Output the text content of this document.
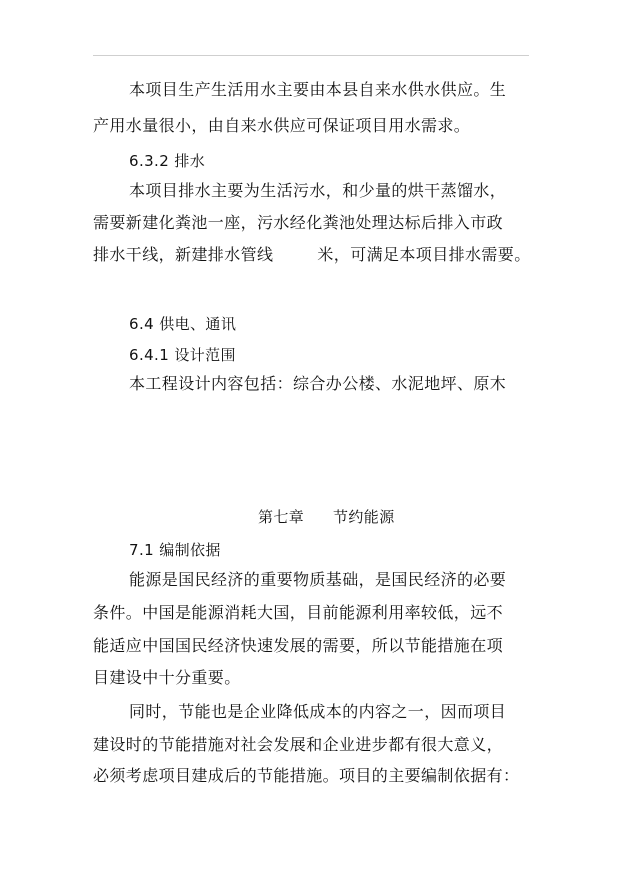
本项目生产生活用水主要由本县自来水供水供应。生
产用水量很小，由自来水供应可保证项目用水需求。
6.3.2 排水
本项目排水主要为生活污水，和少量的烘干蒸馏水，
需要新建化粪池一座，污水经化粪池处理达标后排入市政
排水干线，新建排水管线	米，可满足本项目排水需要。
6.4 供电、通讯
6.4.1 设计范围
本工程设计内容包括：综合办公楼、水泥地坪、原木
第七章 节约能源
7.1 编制依据
能源是国民经济的重要物质基础，是国民经济的必要
条件。中国是能源消耗大国，目前能源利用率较低，远不
能适应中国国民经济快速发展的需要，所以节能措施在项
目建设中十分重要。
同时，节能也是企业降低成本的内容之一，因而项目
建设时的节能措施对社会发展和企业进步都有很大意义，
必须考虑项目建成后的节能措施。项目的主要编制依据有：
